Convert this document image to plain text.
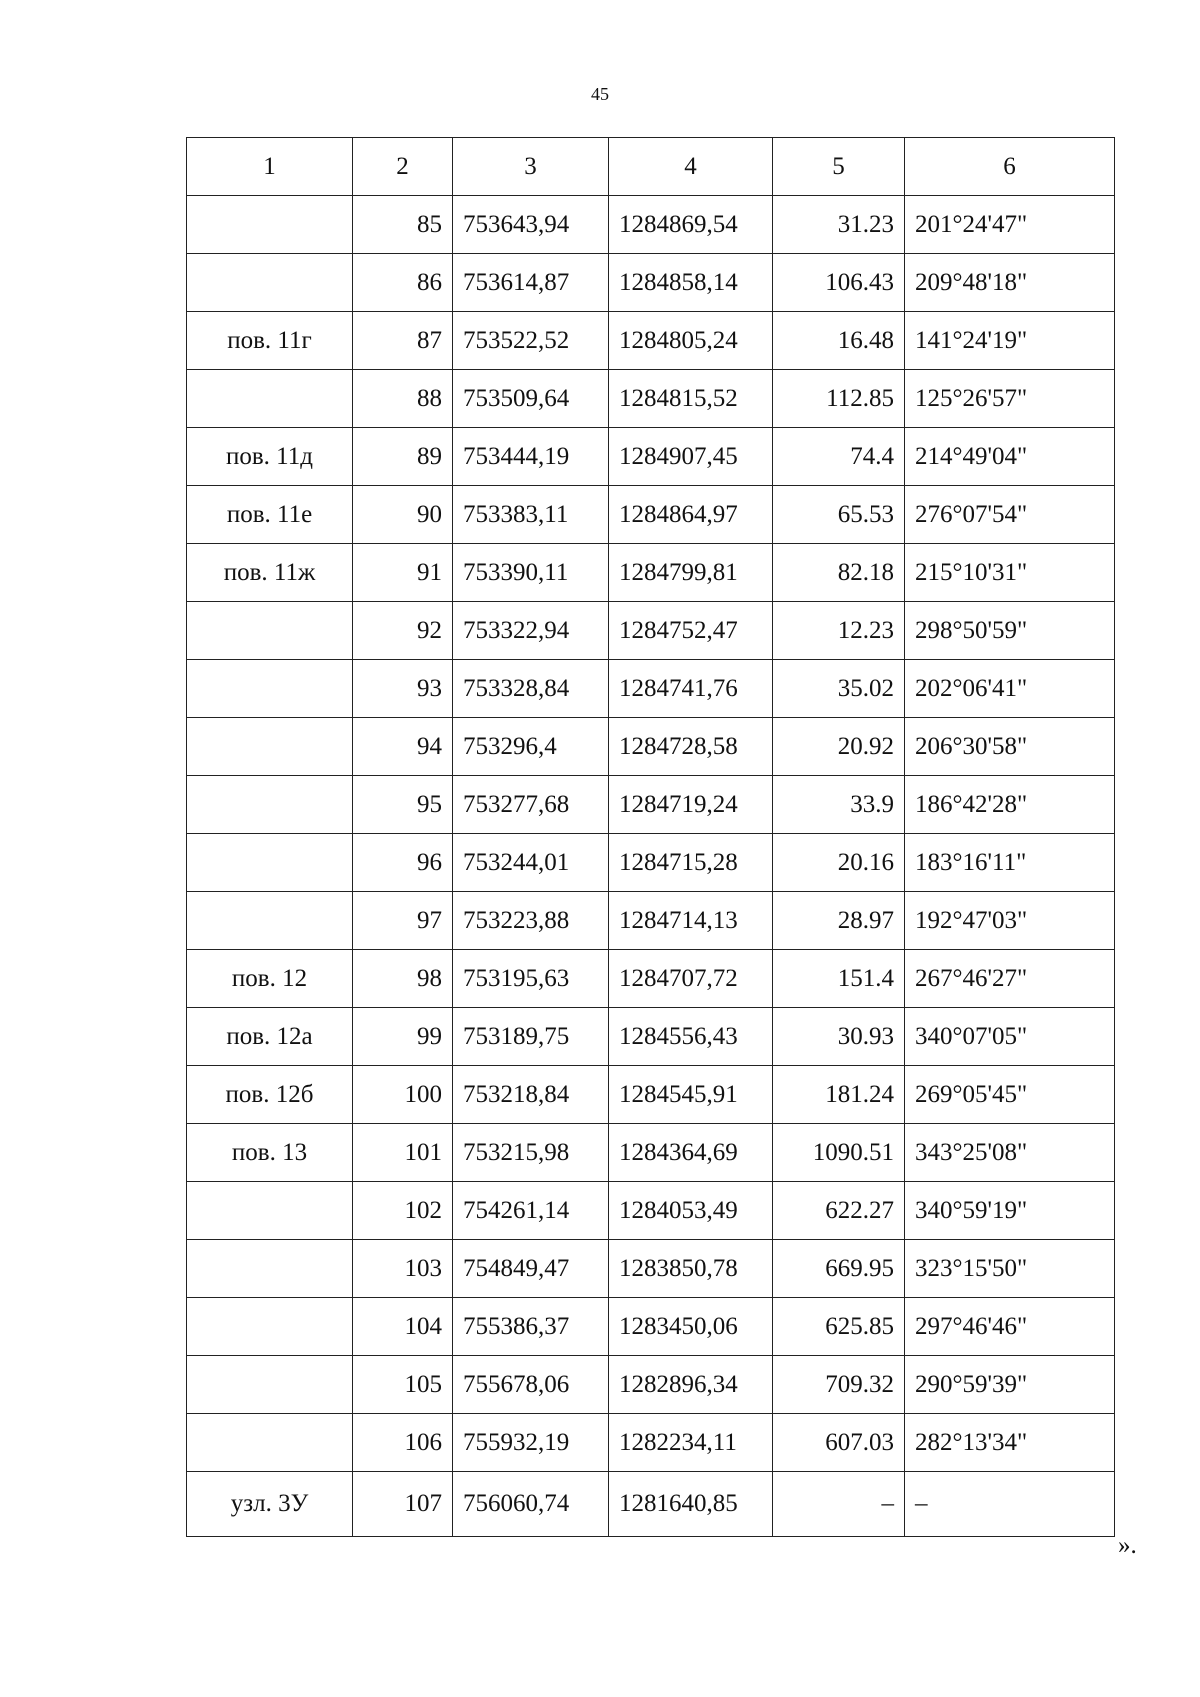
45
1	2	3	4	5	6
	85	753643,94	1284869,54	31.23	201°24'47"
	86	753614,87	1284858,14	106.43	209°48'18"
пов. 11г	87	753522,52	1284805,24	16.48	141°24'19"
	88	753509,64	1284815,52	112.85	125°26'57"
пов. 11д	89	753444,19	1284907,45	74.4	214°49'04"
пов. 11е	90	753383,11	1284864,97	65.53	276°07'54"
пов. 11ж	91	753390,11	1284799,81	82.18	215°10'31"
	92	753322,94	1284752,47	12.23	298°50'59"
	93	753328,84	1284741,76	35.02	202°06'41"
	94	753296,4	1284728,58	20.92	206°30'58"
	95	753277,68	1284719,24	33.9	186°42'28"
	96	753244,01	1284715,28	20.16	183°16'11"
	97	753223,88	1284714,13	28.97	192°47'03"
пов. 12	98	753195,63	1284707,72	151.4	267°46'27"
пов. 12а	99	753189,75	1284556,43	30.93	340°07'05"
пов. 12б	100	753218,84	1284545,91	181.24	269°05'45"
пов. 13	101	753215,98	1284364,69	1090.51	343°25'08"
	102	754261,14	1284053,49	622.27	340°59'19"
	103	754849,47	1283850,78	669.95	323°15'50"
	104	755386,37	1283450,06	625.85	297°46'46"
	105	755678,06	1282896,34	709.32	290°59'39"
	106	755932,19	1282234,11	607.03	282°13'34"
узл. 3У	107	756060,74	1281640,85	–	–
».
